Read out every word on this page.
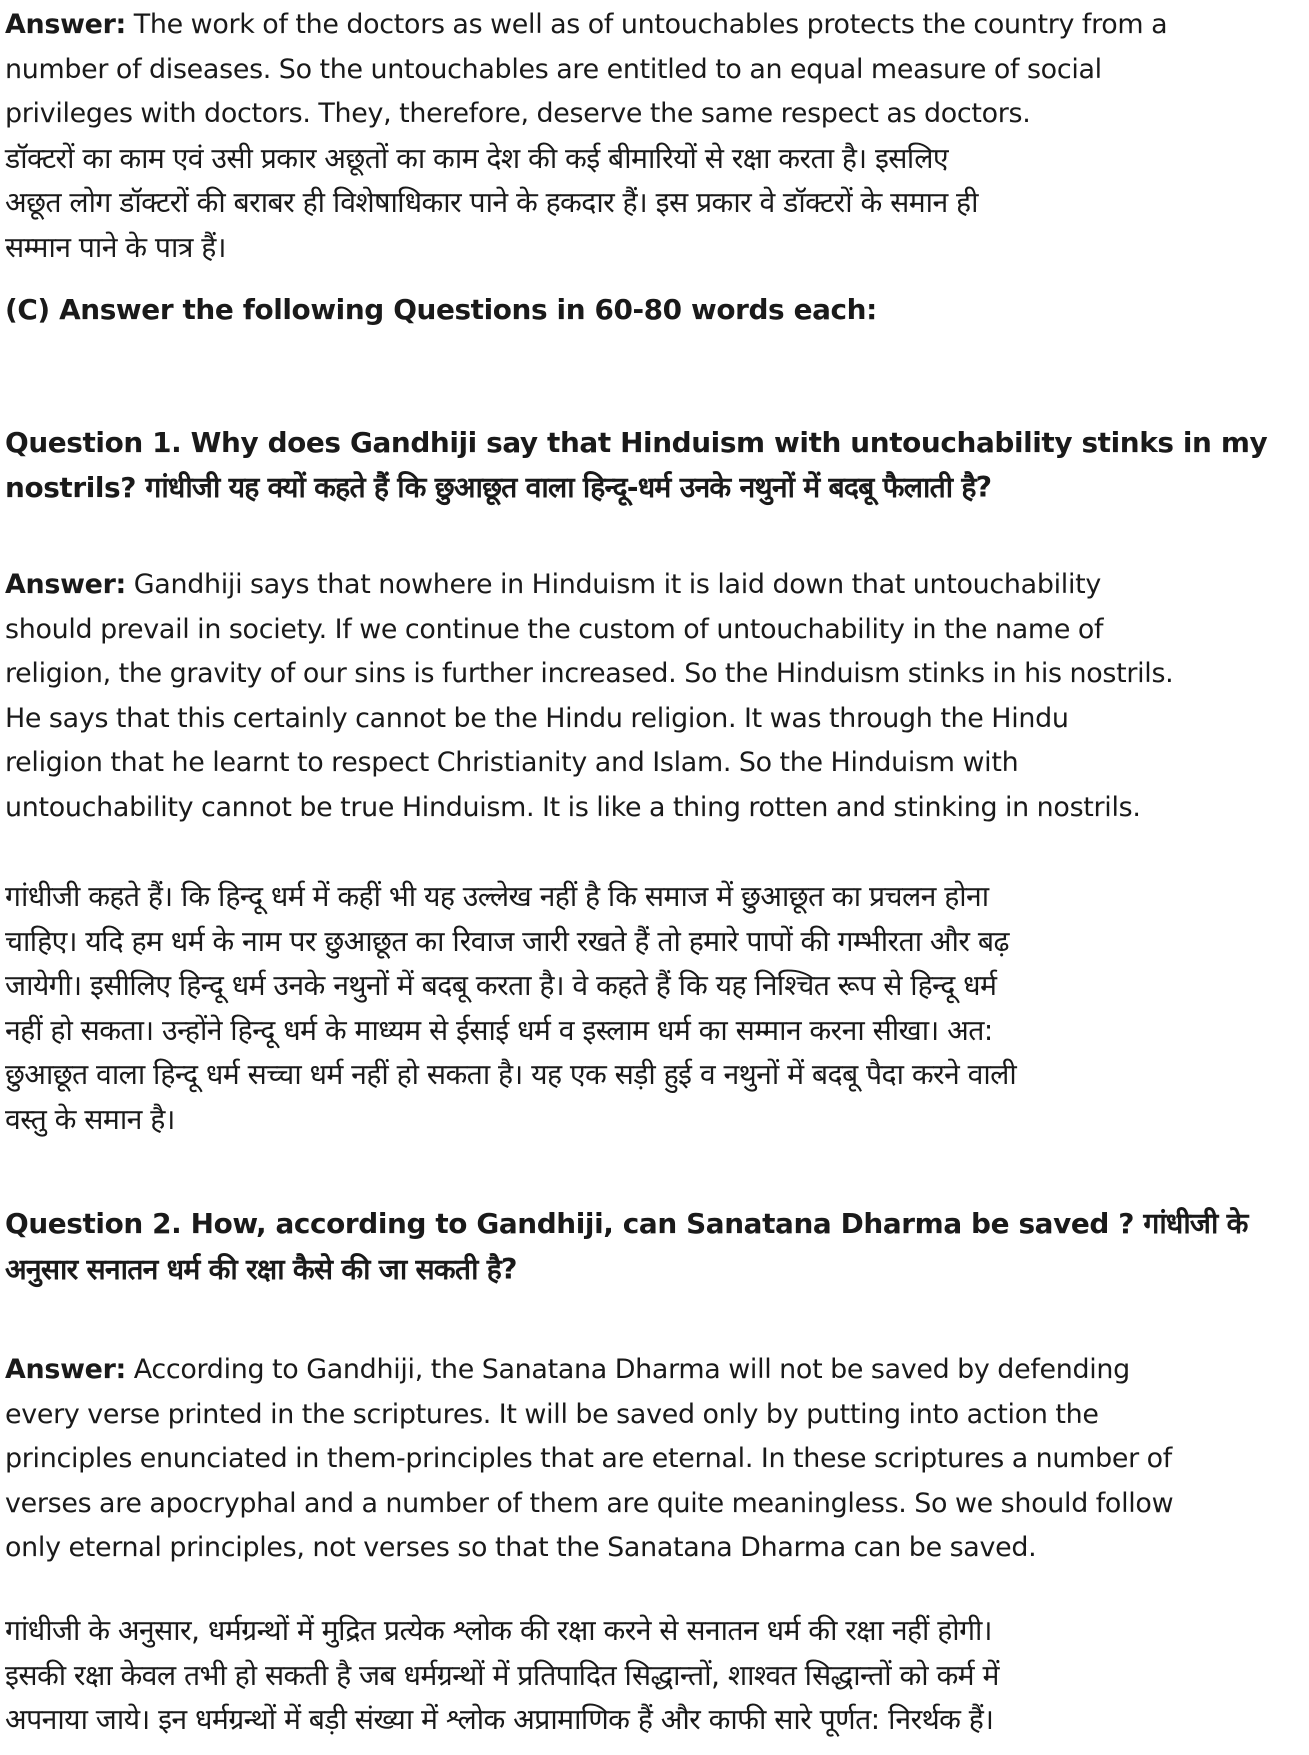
Answer: The work of the doctors as well as of untouchables protects the country from a
number of diseases. So the untouchables are entitled to an equal measure of social
privileges with doctors. They, therefore, deserve the same respect as doctors.
डॉक्टरों का काम एवं उसी प्रकार अछूतों का काम देश की कई बीमारियों से रक्षा करता है। इसलिए
अछूत लोग डॉक्टरों की बराबर ही विशेषाधिकार पाने के हकदार हैं। इस प्रकार वे डॉक्टरों के समान ही
सम्मान पाने के पात्र हैं।
(C) Answer the following Questions in 60-80 words each:
Question 1. Why does Gandhiji say that Hinduism with untouchability stinks in my
nostrils? गांधीजी यह क्यों कहते हैं कि छुआछूत वाला हिन्दू-धर्म उनके नथुनों में बदबू फैलाती है?
Answer: Gandhiji says that nowhere in Hinduism it is laid down that untouchability
should prevail in society. If we continue the custom of untouchability in the name of
religion, the gravity of our sins is further increased. So the Hinduism stinks in his nostrils.
He says that this certainly cannot be the Hindu religion. It was through the Hindu
religion that he learnt to respect Christianity and Islam. So the Hinduism with
untouchability cannot be true Hinduism. It is like a thing rotten and stinking in nostrils.
गांधीजी कहते हैं। कि हिन्दू धर्म में कहीं भी यह उल्लेख नहीं है कि समाज में छुआछूत का प्रचलन होना
चाहिए। यदि हम धर्म के नाम पर छुआछूत का रिवाज जारी रखते हैं तो हमारे पापों की गम्भीरता और बढ़
जायेगी। इसीलिए हिन्दू धर्म उनके नथुनों में बदबू करता है। वे कहते हैं कि यह निश्चित रूप से हिन्दू धर्म
नहीं हो सकता। उन्होंने हिन्दू धर्म के माध्यम से ईसाई धर्म व इस्लाम धर्म का सम्मान करना सीखा। अत:
छुआछूत वाला हिन्दू धर्म सच्चा धर्म नहीं हो सकता है। यह एक सड़ी हुई व नथुनों में बदबू पैदा करने वाली
वस्तु के समान है।
Question 2. How, according to Gandhiji, can Sanatana Dharma be saved ? गांधीजी के
अनुसार सनातन धर्म की रक्षा कैसे की जा सकती है?
Answer: According to Gandhiji, the Sanatana Dharma will not be saved by defending
every verse printed in the scriptures. It will be saved only by putting into action the
principles enunciated in them-principles that are eternal. In these scriptures a number of
verses are apocryphal and a number of them are quite meaningless. So we should follow
only eternal principles, not verses so that the Sanatana Dharma can be saved.
गांधीजी के अनुसार, धर्मग्रन्थों में मुद्रित प्रत्येक श्लोक की रक्षा करने से सनातन धर्म की रक्षा नहीं होगी।
इसकी रक्षा केवल तभी हो सकती है जब धर्मग्रन्थों में प्रतिपादित सिद्धान्तों, शाश्वत सिद्धान्तों को कर्म में
अपनाया जाये। इन धर्मग्रन्थों में बड़ी संख्या में श्लोक अप्रामाणिक हैं और काफी सारे पूर्णत: निरर्थक हैं।
